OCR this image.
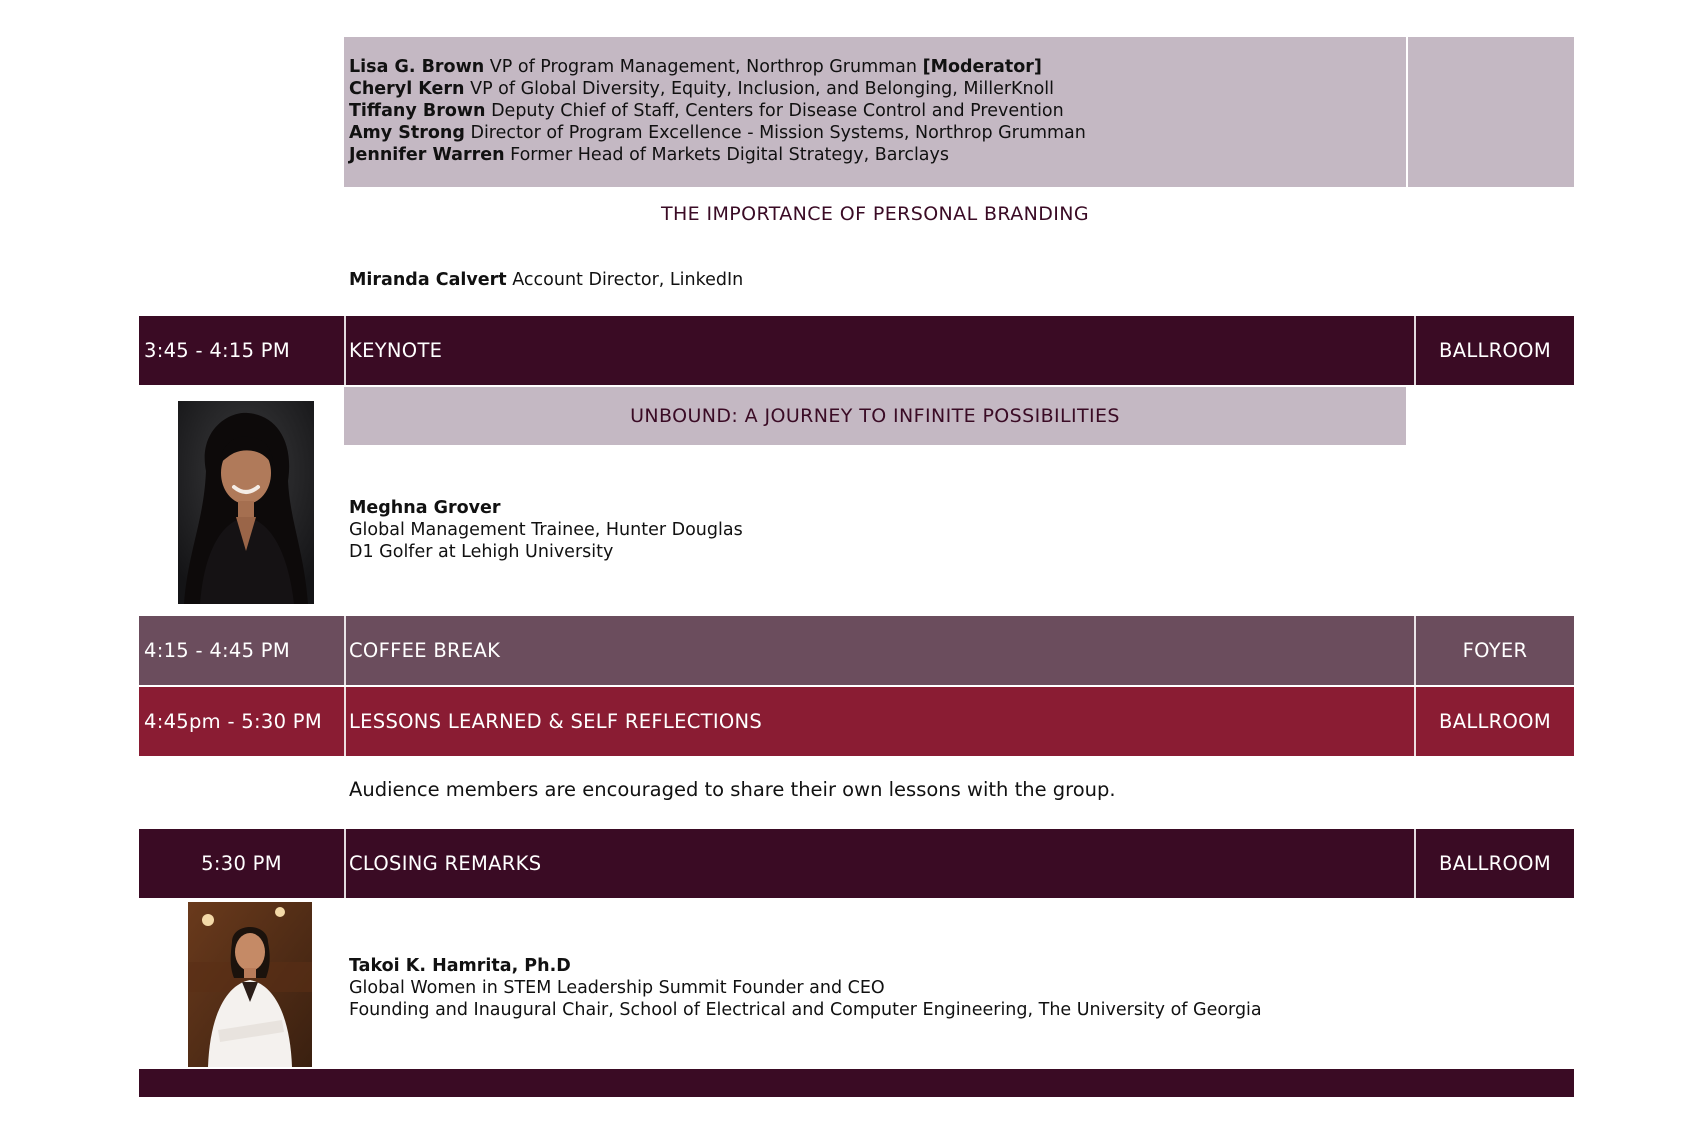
Lisa G. Brown VP of Program Management, Northrop Grumman [Moderator]
Cheryl Kern VP of Global Diversity, Equity, Inclusion, and Belonging, MillerKnoll
Tiffany Brown Deputy Chief of Staff, Centers for Disease Control and Prevention
Amy Strong Director of Program Excellence - Mission Systems, Northrop Grumman
Jennifer Warren Former Head of Markets Digital Strategy, Barclays
THE IMPORTANCE OF PERSONAL BRANDING
Miranda Calvert Account Director, LinkedIn
3:45 - 4:15 PM	KEYNOTE	BALLROOM
UNBOUND: A JOURNEY TO INFINITE POSSIBILITIES
Meghna Grover
Global Management Trainee, Hunter Douglas
D1 Golfer at Lehigh University
4:15 - 4:45 PM	COFFEE BREAK	FOYER
4:45pm - 5:30 PM	LESSONS LEARNED & SELF REFLECTIONS	BALLROOM
Audience members are encouraged to share their own lessons with the group.
5:30 PM	CLOSING REMARKS	BALLROOM
Takoi K. Hamrita, Ph.D
Global Women in STEM Leadership Summit Founder and CEO
Founding and Inaugural Chair, School of Electrical and Computer Engineering, The University of Georgia
